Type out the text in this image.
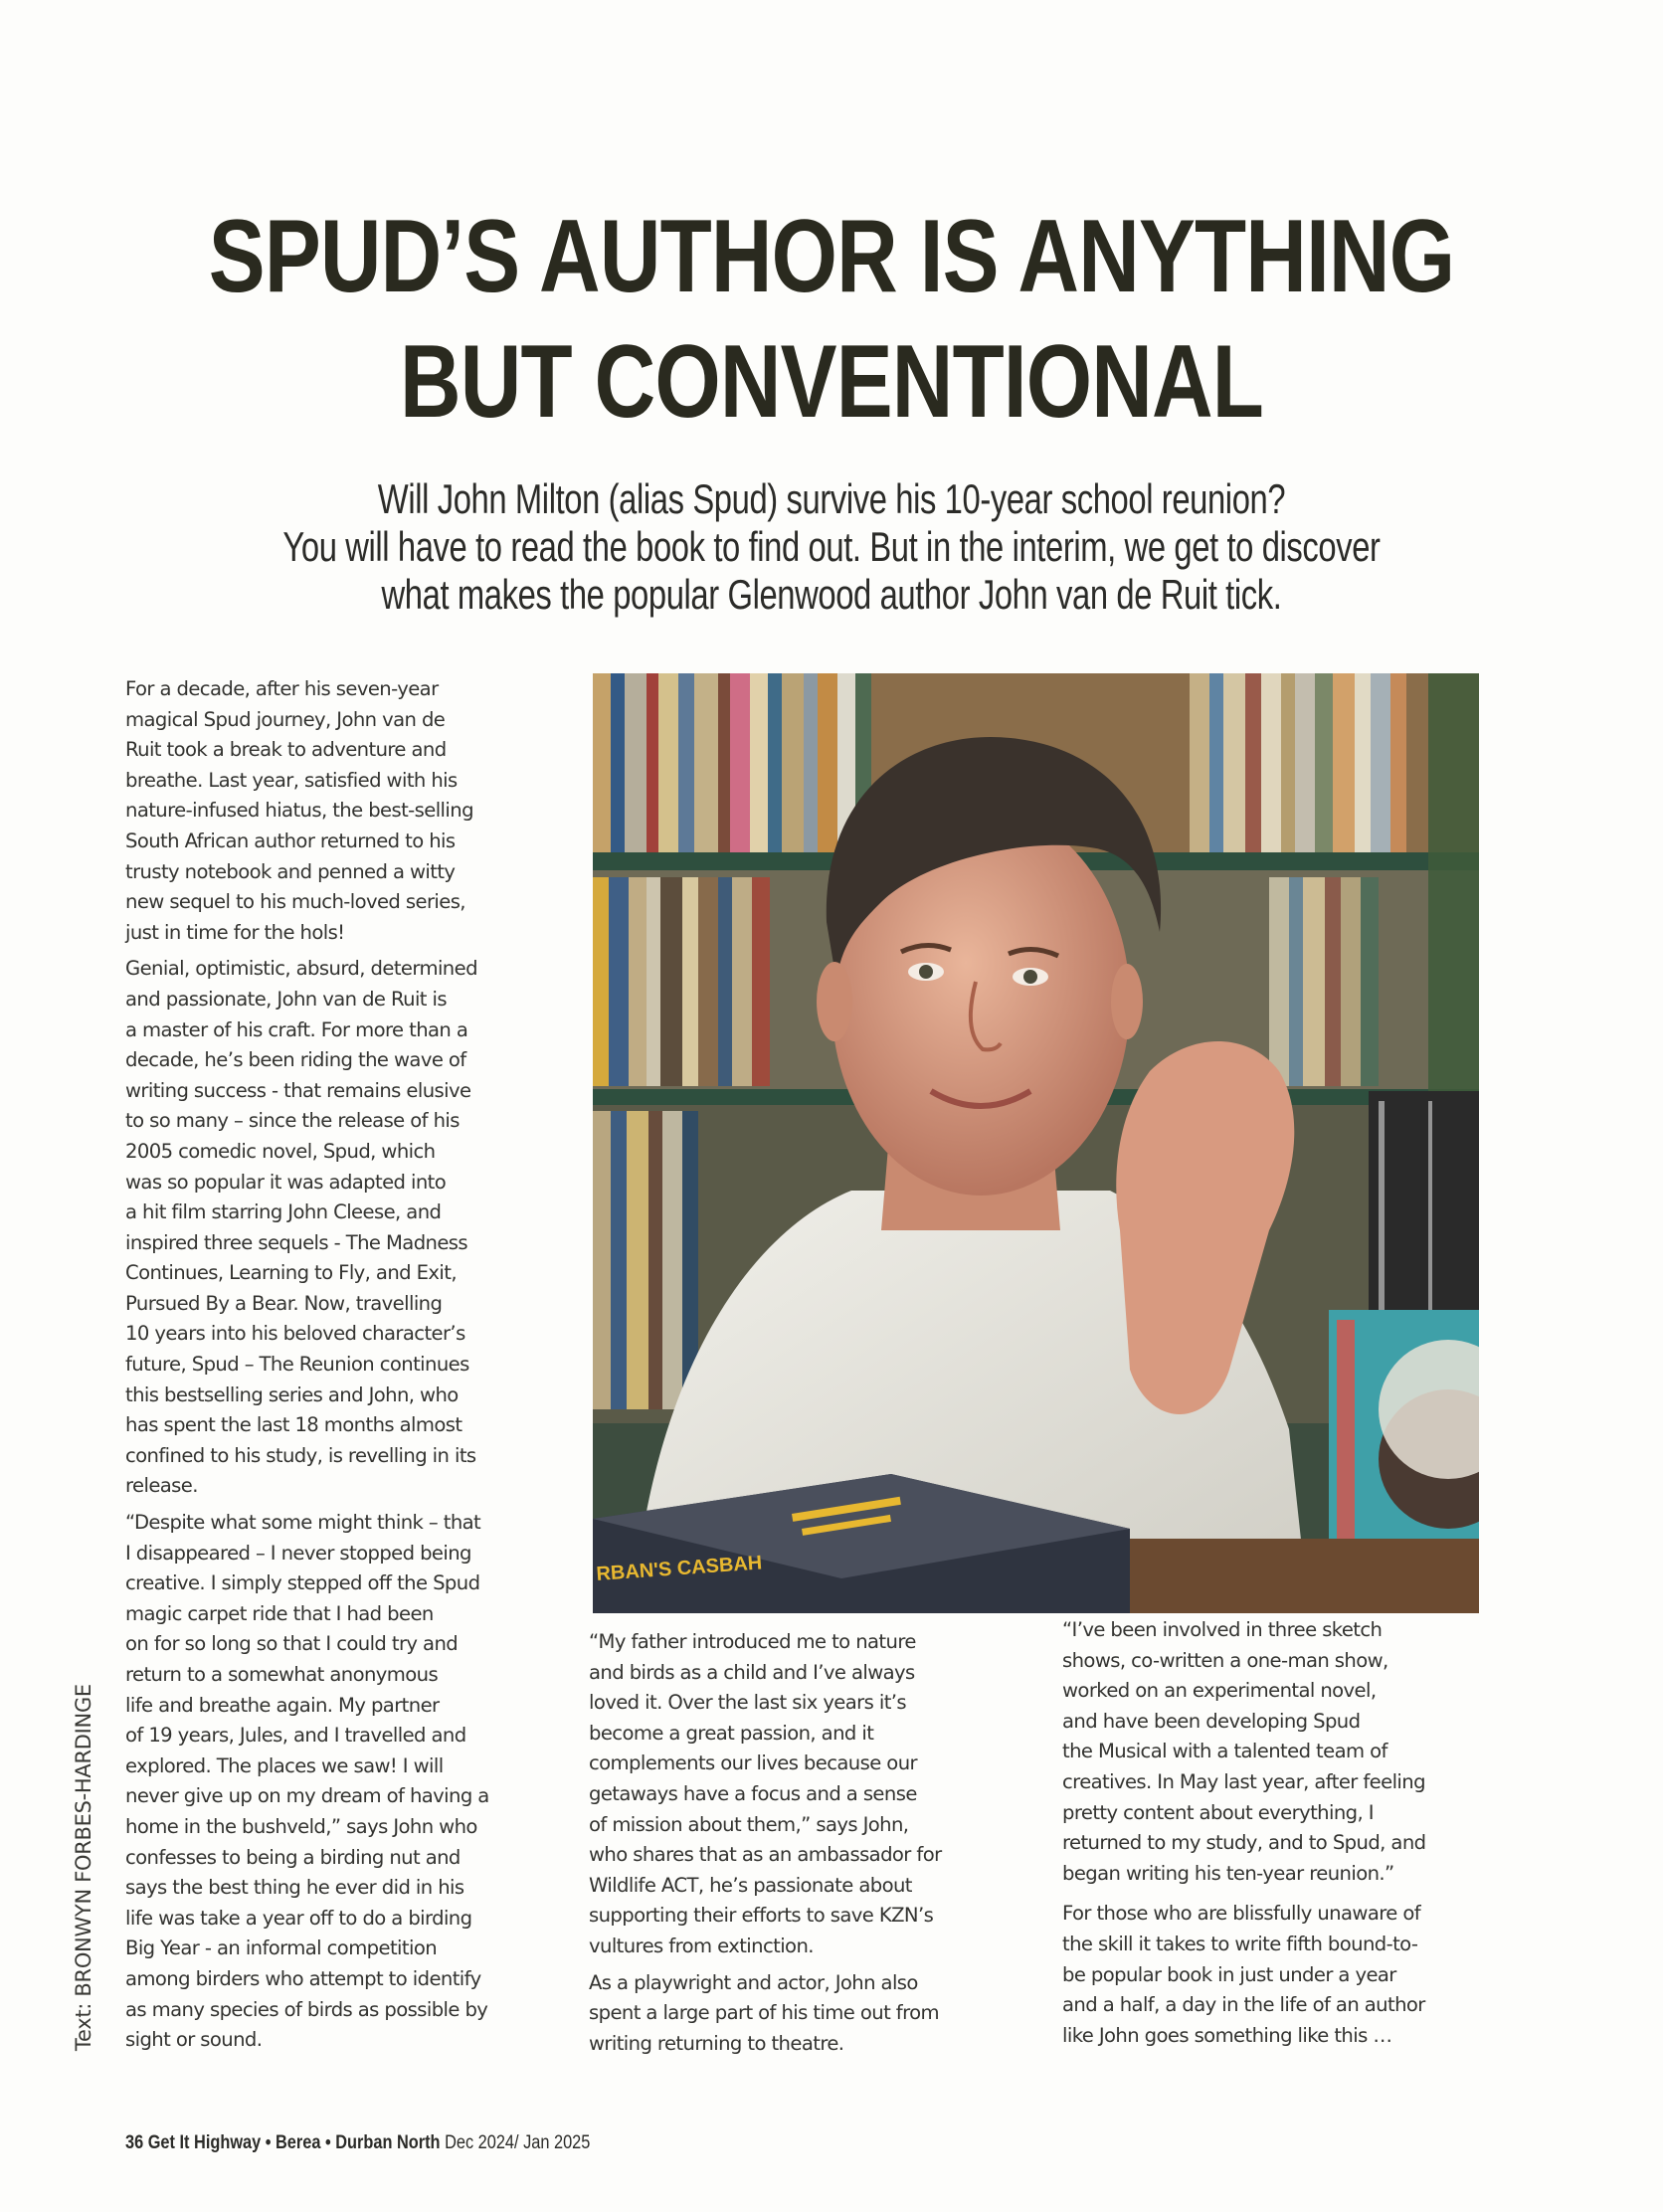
SPUD’S AUTHOR IS ANYTHING
BUT CONVENTIONAL
Will John Milton (alias Spud) survive his 10-year school reunion?
You will have to read the book to find out. But in the interim, we get to discover
what makes the popular Glenwood author John van de Ruit tick.

For a decade, after his seven-year
magical Spud journey, John van de
Ruit took a break to adventure and
breathe. Last year, satisfied with his
nature-infused hiatus, the best-selling
South African author returned to his
trusty notebook and penned a witty
new sequel to his much-loved series,
just in time for the hols!

Genial, optimistic, absurd, determined
and passionate, John van de Ruit is
a master of his craft. For more than a
decade, he’s been riding the wave of
writing success - that remains elusive
to so many – since the release of his
2005 comedic novel, Spud, which
was so popular it was adapted into
a hit film starring John Cleese, and
inspired three sequels - The Madness
Continues, Learning to Fly, and Exit,
Pursued By a Bear. Now, travelling
10 years into his beloved character’s
future, Spud – The Reunion continues
this bestselling series and John, who
has spent the last 18 months almost
confined to his study, is revelling in its
release.

“Despite what some might think – that
I disappeared – I never stopped being
creative. I simply stepped off the Spud
magic carpet ride that I had been
on for so long so that I could try and
return to a somewhat anonymous
life and breathe again. My partner
of 19 years, Jules, and I travelled and
explored. The places we saw! I will
never give up on my dream of having a
home in the bushveld,” says John who
confesses to being a birding nut and
says the best thing he ever did in his
life was take a year off to do a birding
Big Year - an informal competition
among birders who attempt to identify
as many species of birds as possible by
sight or sound.

RBAN'S CASBAH

“My father introduced me to nature
and birds as a child and I’ve always
loved it. Over the last six years it’s
become a great passion, and it
complements our lives because our
getaways have a focus and a sense
of mission about them,” says John,
who shares that as an ambassador for
Wildlife ACT, he’s passionate about
supporting their efforts to save KZN’s
vultures from extinction.

As a playwright and actor, John also
spent a large part of his time out from
writing returning to theatre.

“I’ve been involved in three sketch
shows, co-written a one-man show,
worked on an experimental novel,
and have been developing Spud
the Musical with a talented team of
creatives. In May last year, after feeling
pretty content about everything, I
returned to my study, and to Spud, and
began writing his ten-year reunion.”

For those who are blissfully unaware of
the skill it takes to write fifth bound-to-
be popular book in just under a year
and a half, a day in the life of an author
like John goes something like this …

Text: BRONWYN FORBES-HARDINGE
36 Get It Highway • Berea • Durban North Dec 2024/ Jan 2025
